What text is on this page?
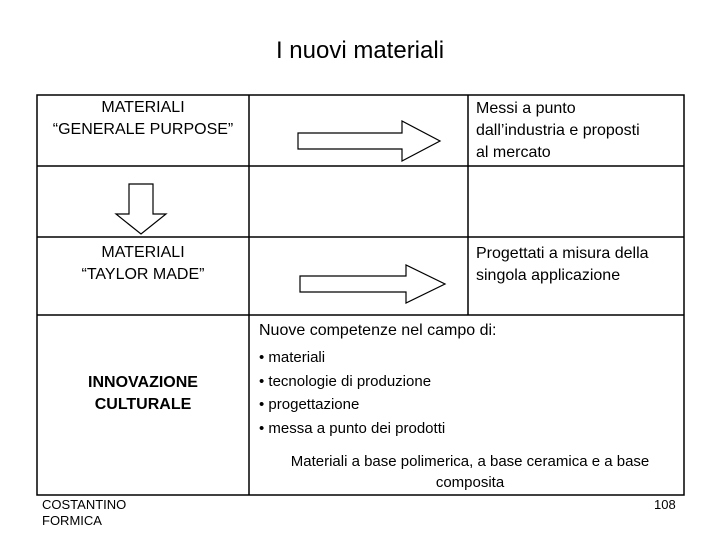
I nuovi materiali
MATERIALI
“GENERALE PURPOSE”
Messi a punto
dall’industria e proposti
al mercato
MATERIALI
“TAYLOR MADE”
Progettati a misura della
singola applicazione
INNOVAZIONE
CULTURALE
Nuove competenze nel campo di:
• materiali
• tecnologie di produzione
• progettazione
• messa a punto dei prodotti
Materiali a base polimerica, a base ceramica e a base
composita
COSTANTINO
FORMICA
108
